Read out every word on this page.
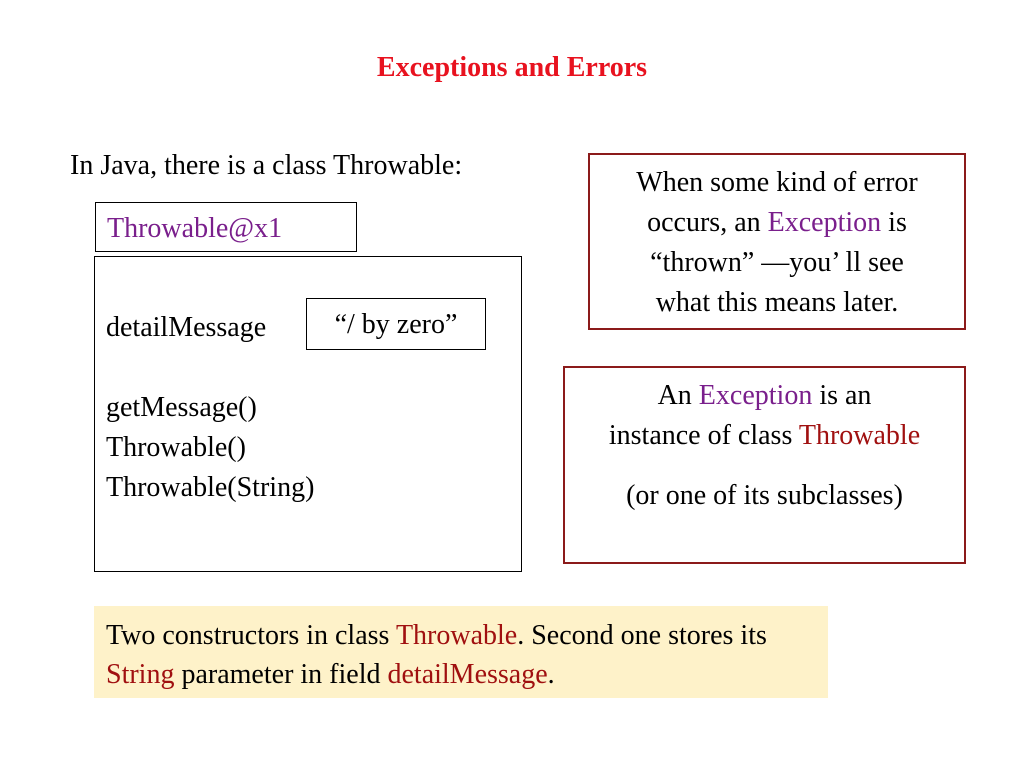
Exceptions and Errors
In Java, there is a class Throwable:
Throwable@x1
detailMessage	“/ by zero”
getMessage()
Throwable()
Throwable(String)
When some kind of error
occurs, an Exception is
“thrown” —you’ ll see
what this means later.
An Exception is an
instance of class Throwable
(or one of its subclasses)
Two constructors in class Throwable. Second one stores its String parameter in field detailMessage.
